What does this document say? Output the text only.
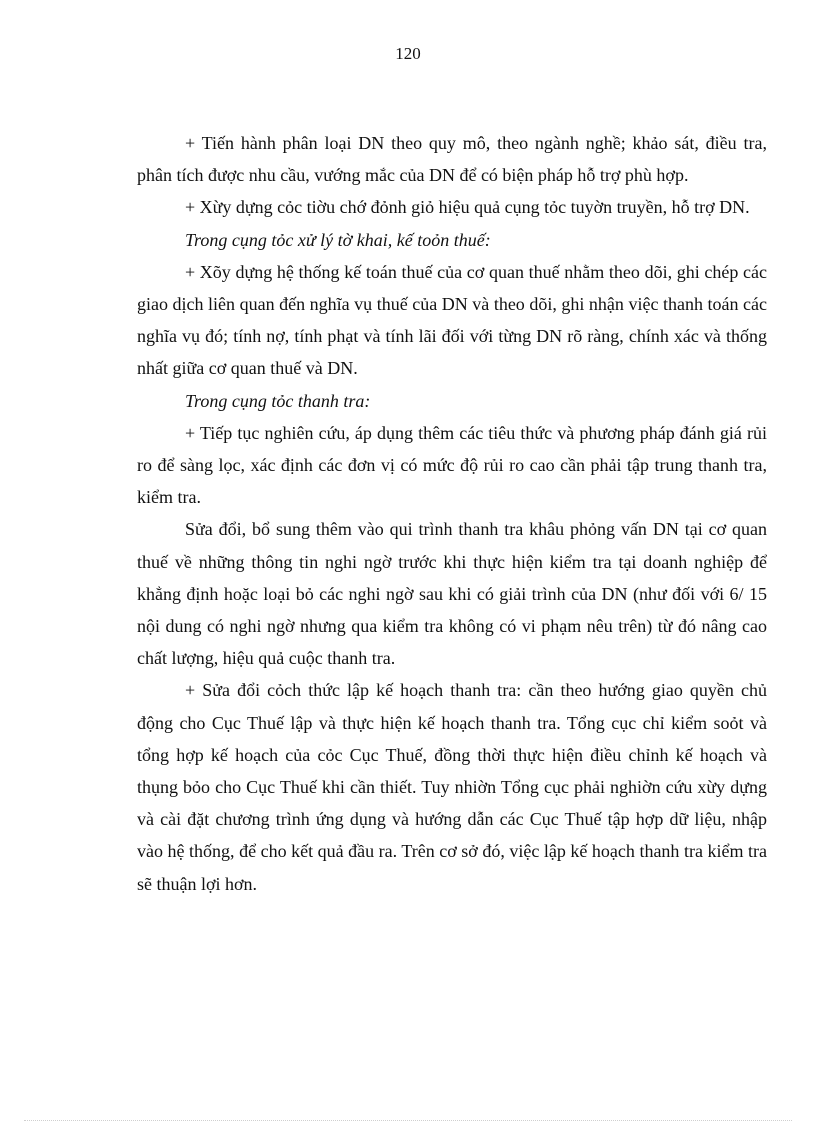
120

+ Tiến hành phân loại DN theo quy mô, theo ngành nghề; khảo sát, điều tra, phân tích được nhu cầu, vướng mắc của DN để có biện pháp hỗ trợ phù hợp.

+ Xừy dựng cỏc tiờu chớ đỏnh giỏ hiệu quả cụng tỏc tuyờn truyền, hỗ trợ DN.

Trong cụng tỏc xử lý tờ khai, kế toỏn thuế:

+ Xõy dựng hệ thống kế toán thuế của cơ quan thuế nhằm theo dõi, ghi chép các giao dịch liên quan đến nghĩa vụ thuế của DN và theo dõi, ghi nhận việc thanh toán các nghĩa vụ đó; tính nợ, tính phạt và tính lãi đối với từng DN rõ ràng, chính xác và thống nhất giữa cơ quan thuế và DN.

Trong cụng tỏc thanh tra:

+ Tiếp tục nghiên cứu, áp dụng thêm các tiêu thức và phương pháp đánh giá rủi ro để sàng lọc, xác định các đơn vị có mức độ rủi ro cao cần phải tập trung thanh tra, kiểm tra.

Sửa đổi, bổ sung thêm vào qui trình thanh tra khâu phỏng vấn DN tại cơ quan thuế về những thông tin nghi ngờ trước khi thực hiện kiểm tra tại doanh nghiệp để khẳng định hoặc loại bỏ các nghi ngờ sau khi có giải trình của DN (như đối với 6/ 15 nội dung có nghi ngờ nhưng qua kiểm tra không có vi phạm nêu trên) từ đó nâng cao chất lượng, hiệu quả cuộc thanh tra.

+ Sửa đổi cỏch thức lập kế hoạch thanh tra: cần theo hướng giao quyền chủ động cho Cục Thuế lập và thực hiện kế hoạch thanh tra. Tổng cục chỉ kiểm soỏt và tổng hợp kế hoạch của cỏc Cục Thuế, đồng thời thực hiện điều chỉnh kế hoạch và thụng bỏo cho Cục Thuế khi cần thiết. Tuy nhiờn Tổng cục phải nghiờn cứu xừy dựng và cài đặt chương trình ứng dụng và hướng dẫn các Cục Thuế tập hợp dữ liệu, nhập vào hệ thống, để cho kết quả đầu ra. Trên cơ sở đó, việc lập kế hoạch thanh tra kiểm tra sẽ thuận lợi hơn.
